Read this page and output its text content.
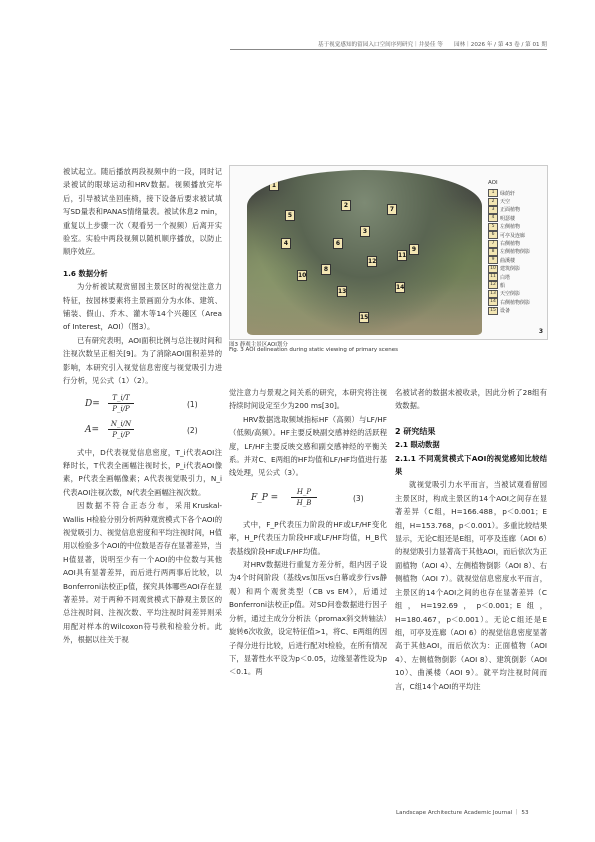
基于视觉感知的留园入口空间序列研究｜井晏佳 等　　园林｜2026 年 / 第 43 卷 / 第 01 期

被试起立。随后播放两段视频中的一段，同时记录被试的眼球运动和HRV数据。视频播放完毕后，引导被试坐回座椅，接下设备后要求被试填写SD量表和PANAS情绪量表。被试休息2 min，重复以上步骤一次（观看另一个视频）后离开实验室。实验中两段视频以随机顺序播放，以防止顺序效应。

1.6 数据分析

为分析被试观赏留园主景区时的视觉注意力特征，按园林要素将主景画面分为水体、建筑、铺装、假山、乔木、灌木等14个兴趣区（Area of Interest，AOI）（图3）。

已有研究表明，AOI面积比例与总注视时间和注视次数呈正相关[9]。为了消除AOI面积差异的影响，本研究引入视觉信息密度与视觉吸引力进行分析，见公式（1）（2）。

$D= \frac{T\_i/T}{P\_i/P}$	(1)
$A= \frac{N\_i/N}{P\_i/P}$	(2)

式中，D代表视觉信息密度，T_i代表AOI注释时长，T代表全画幅注视时长，P_i代表AOI像素，P代表全画幅像素；A代表视觉吸引力，N_i代表AOI注视次数，N代表全画幅注视次数。

因数据不符合正态分布，采用Kruskal-Wallis H检验分别分析两种观赏模式下各个AOI的视觉吸引力、视觉信息密度和平均注视时间，H值用以检验多个AOI的中位数是否存在显著差异，当H值显著，说明至少有一个AOI的中位数与其他AOI具有显著差异，而后进行两两事后比较，以Bonferroni法校正p值，探究具体哪些AOI存在显著差异。对于两种不同观赏模式下静观主景区的总注视时间、注视次数、平均注视时间差异则采用配对样本的Wilcoxon符号秩和检验分析。此外，根据以往关于视

1
2
3
4
5
6
7
8
9
10
11
12
13
14
15
AOI
1	绿荫轩
2	天空
3	正面植物
4	明瑟楼
5	左侧植物
6	可亭及连廊
7	右侧植物
8	左侧植物倒影
9	曲溪楼
10 建筑倒影
11 白塔
12 船
13 天空倒影
14 右侧植物倒影
15 设备
3
图3 静观主景区AOI划分
Fig. 3 AOI delineation during static viewing of primary scenes

觉注意力与景观之间关系的研究，本研究将注视持续时间设定至少为200 ms[30]。

HRV数据选取频域指标HF（高频）与LF/HF（低频/高频）。HF主要反映副交感神经的活跃程度，LF/HF主要反映交感和副交感神经的平衡关系。并对C、E两组的HF均值和LF/HF均值进行基线处理，见公式（3）。

F_P = $\frac{H\_P}{H\_B}$	(3)

式中，F_P代表压力阶段的HF或LF/HF变化率，H_P代表压力阶段HF或LF/HF均值，H_B代表基线阶段HF或LF/HF均值。

对HRV数据进行重复方差分析，组内因子设为4个时间阶段（基线vs加压vs白幕或步行vs静观）和两个观赏类型（CB vs EM），后通过Bonferroni法校正p值。对SD问卷数据进行因子分析，通过主成分分析法（promax斜交转轴法）旋转6次收敛，设定特征值>1，将C、E两组的因子得分进行比较，后进行配对t检验，在所有情况下，显著性水平设为p＜0.05，边缘显著性设为p＜0.1。两

名被试者的数据未被收录，因此分析了28组有效数据。

2 研究结果

2.1 眼动数据

2.1.1 不同观赏模式下AOI的视觉感知比较结果

就视觉吸引力水平而言，当被试观看留园主景区时，构成主景区的14个AOI之间存在显著差异（C组，H=166.488，p＜0.001；E组，H=153.768，p＜0.001）。多重比较结果显示，无论C组还是E组，可亭及连廊（AOI 6）的视觉吸引力显著高于其他AOI，而后依次为正面植物（AOI 4）、左侧植物倒影（AOI 8）、右侧植物（AOI 7）。就视觉信息密度水平而言，主景区的14个AOI之间的也存在显著差异（C组，H=192.69，p＜0.001；E组，H=180.467，p＜0.001）。无论C组还是E组，可亭及连廊（AOI 6）的视觉信息密度显著高于其他AOI，而后依次为：正面植物（AOI 4）、左侧植物倒影（AOI 8）、建筑倒影（AOI 10）、曲溪楼（AOI 9）。就平均注视时间而言，C组14个AOI的平均注

Landscape Architecture Academic Journal ｜ 53
